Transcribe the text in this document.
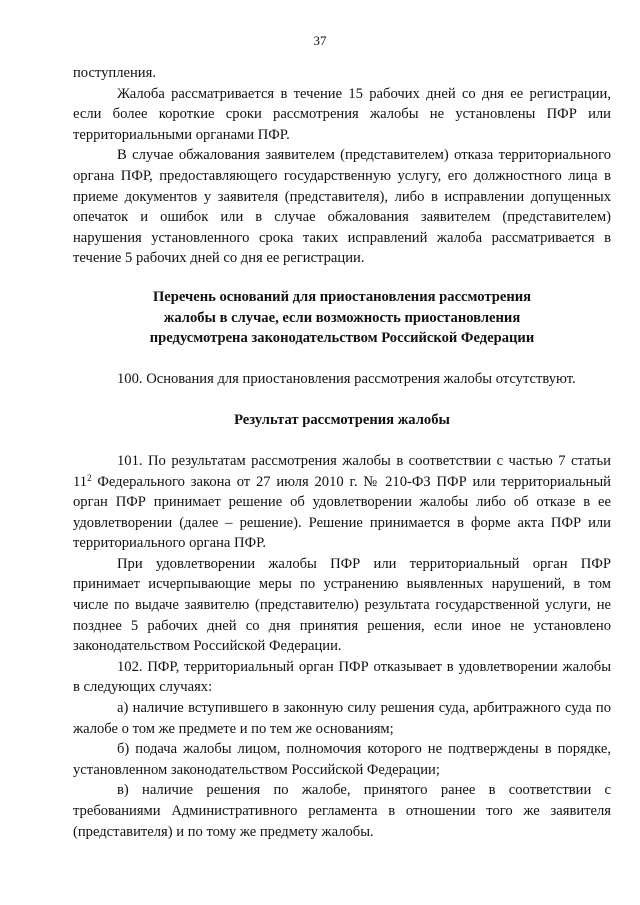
37

поступления.

Жалоба рассматривается в течение 15 рабочих дней со дня ее регистрации, если более короткие сроки рассмотрения жалобы не установлены ПФР или территориальными органами ПФР.

В случае обжалования заявителем (представителем) отказа территориального органа ПФР, предоставляющего государственную услугу, его должностного лица в приеме документов у заявителя (представителя), либо в исправлении допущенных опечаток и ошибок или в случае обжалования заявителем (представителем) нарушения установленного срока таких исправлений жалоба рассматривается в течение 5 рабочих дней со дня ее регистрации.

Перечень оснований для приостановления рассмотрения
жалобы в случае, если возможность приостановления
предусмотрена законодательством Российской Федерации

100. Основания для приостановления рассмотрения жалобы отсутствуют.

Результат рассмотрения жалобы

101. По результатам рассмотрения жалобы в соответствии с частью 7 статьи $11^2$ Федерального закона от 27 июля 2010 г. № 210-ФЗ ПФР или территориальный орган ПФР принимает решение об удовлетворении жалобы либо об отказе в ее удовлетворении (далее – решение). Решение принимается в форме акта ПФР или территориального органа ПФР.

При удовлетворении жалобы ПФР или территориальный орган ПФР принимает исчерпывающие меры по устранению выявленных нарушений, в том числе по выдаче заявителю (представителю) результата государственной услуги, не позднее 5 рабочих дней со дня принятия решения, если иное не установлено законодательством Российской Федерации.

102. ПФР, территориальный орган ПФР отказывает в удовлетворении жалобы в следующих случаях:

а) наличие вступившего в законную силу решения суда, арбитражного суда по жалобе о том же предмете и по тем же основаниям;

б) подача жалобы лицом, полномочия которого не подтверждены в порядке, установленном законодательством Российской Федерации;

в) наличие решения по жалобе, принятого ранее в соответствии с требованиями Административного регламента в отношении того же заявителя (представителя) и по тому же предмету жалобы.
